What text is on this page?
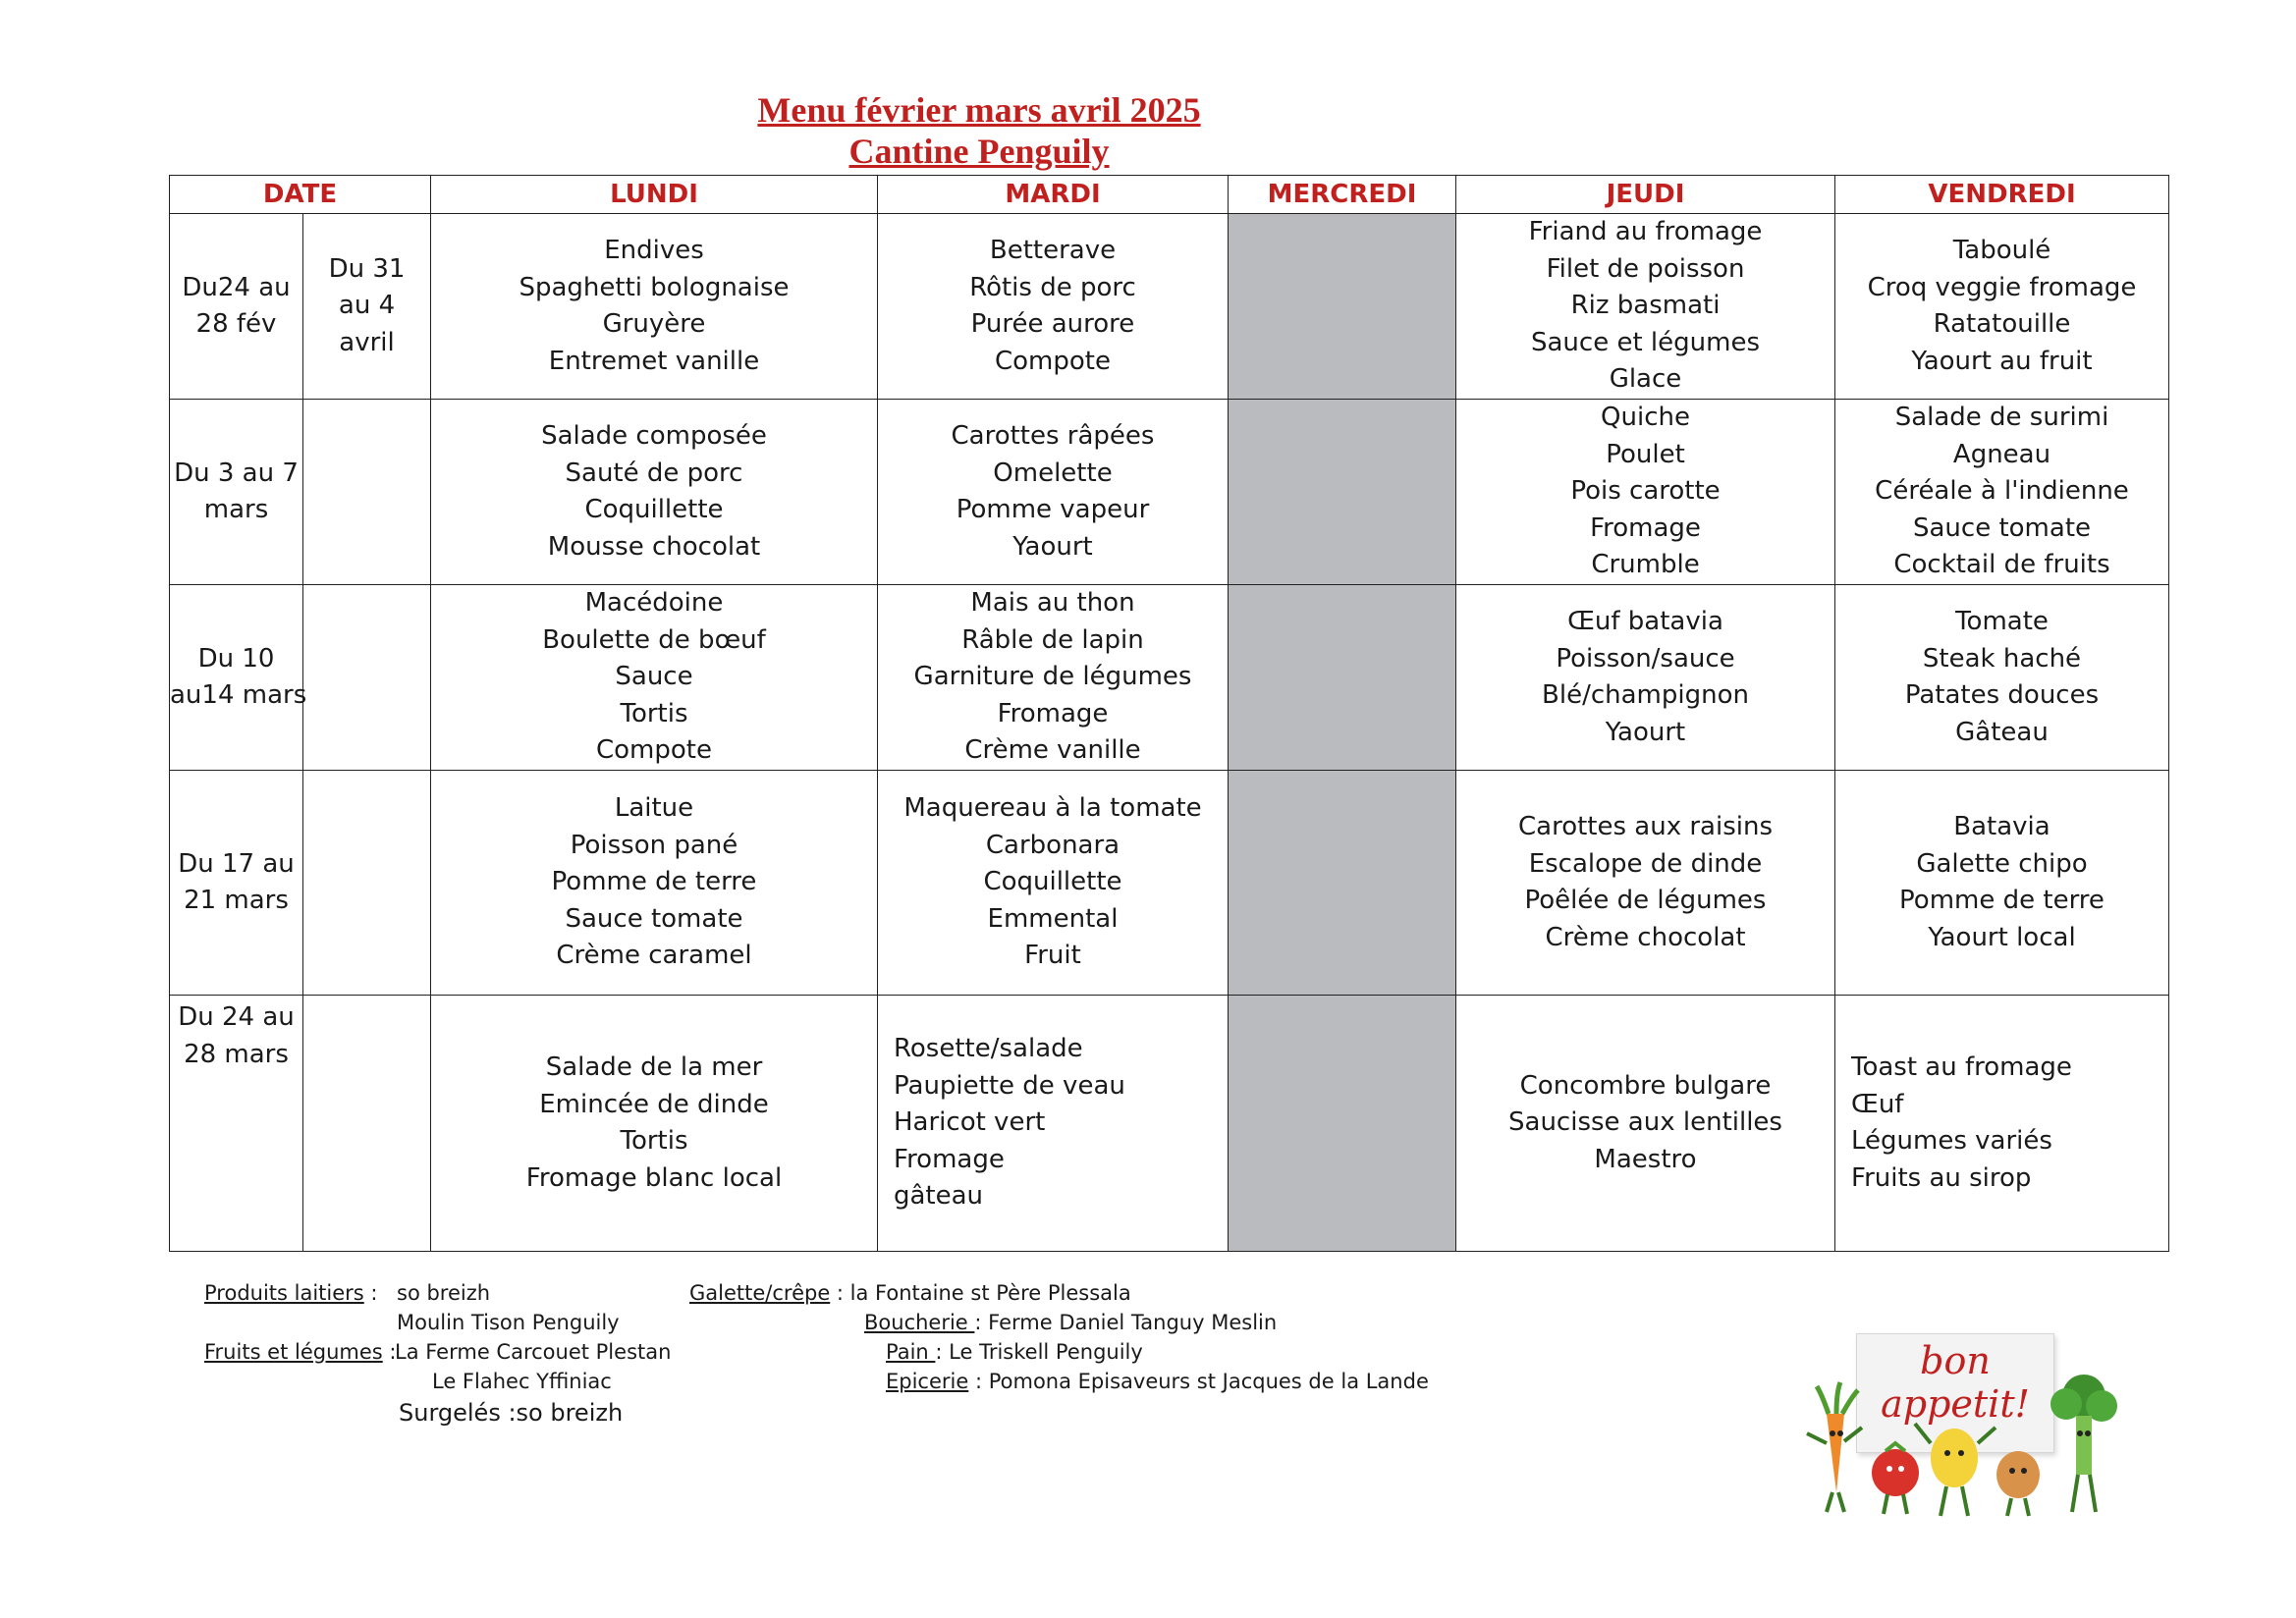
Menu février mars avril 2025
Cantine Penguily
DATE		LUNDI	MARDI	MERCREDI	JEUDI	VENDREDI

Du24 au
28 fév	Du 31
au 4
avril	Endives
Spaghetti bolognaise
Gruyère
Entremet vanille	Betterave
Rôtis de porc
Purée aurore
Compote		Friand au fromage
Filet de poisson
Riz basmati
Sauce et légumes
Glace	Taboulé
Croq veggie fromage
Ratatouille
Yaourt au fruit

Du 3 au 7
mars		Salade composée
Sauté de porc
Coquillette
Mousse chocolat	Carottes râpées
Omelette
Pomme vapeur
Yaourt		Quiche
Poulet
Pois carotte
Fromage
Crumble	Salade de surimi
Agneau
Céréale à l'indienne
Sauce tomate
Cocktail de fruits

Du 10
au14 mars		Macédoine
Boulette de bœuf
Sauce
Tortis
Compote	Mais au thon
Râble de lapin
Garniture de légumes
Fromage
Crème vanille		Œuf batavia
Poisson/sauce
Blé/champignon
Yaourt	Tomate
Steak haché
Patates douces
Gâteau

Du 17 au
21 mars		Laitue
Poisson pané
Pomme de terre
Sauce tomate
Crème caramel	Maquereau à la tomate
Carbonara
Coquillette
Emmental
Fruit		Carottes aux raisins
Escalope de dinde
Poêlée de légumes
Crème chocolat	Batavia
Galette chipo
Pomme de terre
Yaourt local

Du 24 au
28 mars		Salade de la mer
Emincée de dinde
Tortis
Fromage blanc local	Rosette/salade
Paupiette de veau
Haricot vert
Fromage
gâteau		Concombre bulgare
Saucisse aux lentilles
Maestro	Toast au fromage
Œuf
Légumes variés
Fruits au sirop
Produits laitiers : so breizh
Moulin Tison Penguily
Fruits et légumes :
La Ferme Carcouet Plestan
Le Flahec Yffiniac
Surgelés :so breizh
Galette/crêpe : la Fontaine st Père Plessala
Boucherie : Ferme Daniel Tanguy Meslin
Pain : Le Triskell Penguily
Epicerie : Pomona Episaveurs st Jacques de la Lande	bon
appetit!
